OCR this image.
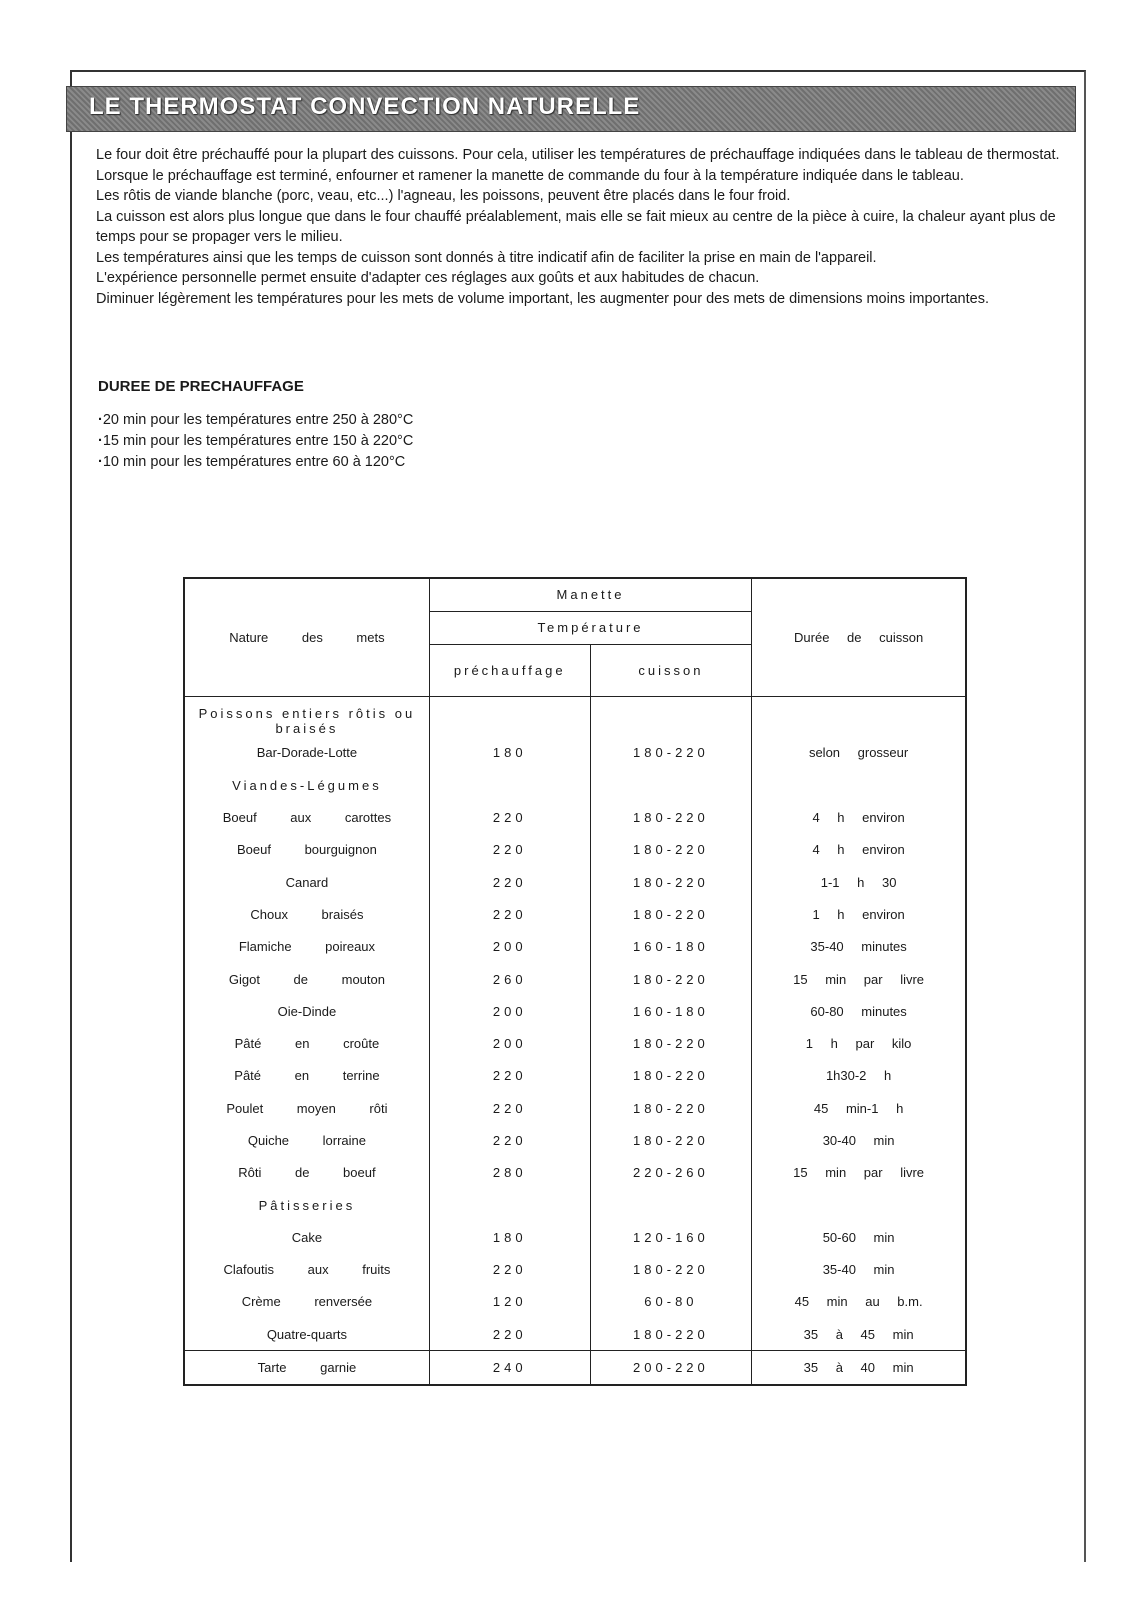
LE THERMOSTAT CONVECTION NATURELLE

Le four doit être préchauffé pour la plupart des cuissons. Pour cela, utiliser les températures de préchauffage indiquées dans le tableau de thermostat.

Lorsque le préchauffage est terminé, enfourner et ramener la manette de commande du four à la température indiquée dans le tableau.

Les rôtis de viande blanche (porc, veau, etc...) l'agneau, les poissons, peuvent être placés dans le four froid.

La cuisson est alors plus longue que dans le four chauffé préalablement, mais elle se fait mieux au centre de la pièce à cuire, la chaleur ayant plus de temps pour se propager vers le milieu.

Les températures ainsi que les temps de cuisson sont donnés à titre indicatif afin de faciliter la prise en main de l'appareil.

L'expérience personnelle permet ensuite d'adapter ces réglages aux goûts et aux habitudes de chacun.

Diminuer légèrement les températures pour les mets de volume important, les augmenter pour des mets de dimensions moins importantes.

DUREE DE PRECHAUFFAGE
· 20 min pour les températures entre 250 à 280°C
· 15 min pour les températures entre 150 à 220°C
· 10 min pour les températures entre 60 à 120°C
Nature des mets	Manette		Durée de cuisson
	Température		
	préchauffage	cuisson	
Poissons entiers rôtis ou braisés			
Bar-Dorade-Lotte	180	180-220	selon grosseur
Viandes-Légumes			
Boeuf aux carottes	220	180-220	4 h environ
Boeuf bourguignon	220	180-220	4 h environ
Canard	220	180-220	1-1 h 30
Choux braisés	220	180-220	1 h environ
Flamiche poireaux	200	160-180	35-40 minutes
Gigot de mouton	260	180-220	15 min par livre
Oie-Dinde	200	160-180	60-80 minutes
Pâté en croûte	200	180-220	1 h par kilo
Pâté en terrine	220	180-220	1h30-2 h
Poulet moyen rôti	220	180-220	45 min-1 h
Quiche lorraine	220	180-220	30-40 min
Rôti de boeuf	280	220-260	15 min par livre
Pâtisseries			
Cake	180	120-160	50-60 min
Clafoutis aux fruits	220	180-220	35-40 min
Crème renversée	120	60-80	45 min au b.m.
Quatre-quarts	220	180-220	35 à 45 min
Tarte garnie	240	200-220	35 à 40 min
